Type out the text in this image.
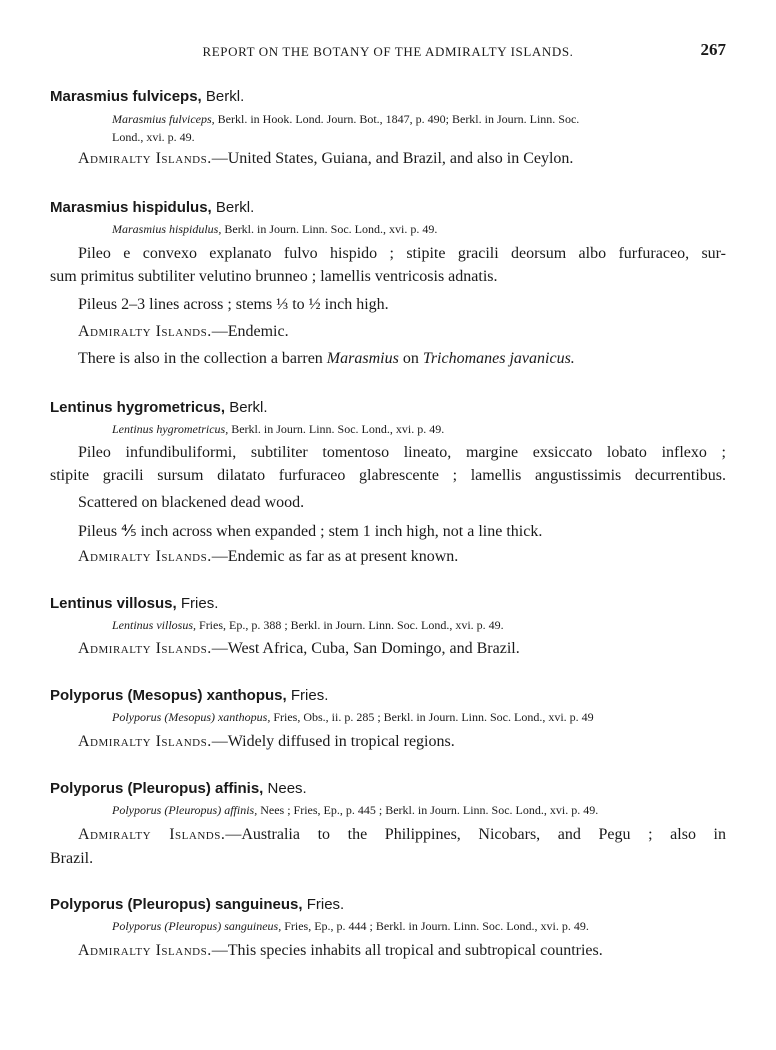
REPORT ON THE BOTANY OF THE ADMIRALTY ISLANDS.	267
Marasmius fulviceps, Berkl.
Marasmius fulviceps, Berkl. in Hook. Lond. Journ. Bot., 1847, p. 490; Berkl. in Journ. Linn. Soc.
Lond., xvi. p. 49.
Admiralty Islands.—United States, Guiana, and Brazil, and also in Ceylon.
Marasmius hispidulus, Berkl.
Marasmius hispidulus, Berkl. in Journ. Linn. Soc. Lond., xvi. p. 49.
Pileo e convexo explanato fulvo hispido ; stipite gracili deorsum albo furfuraceo, sur-
sum primitus subtiliter velutino brunneo ; lamellis ventricosis adnatis.
Pileus 2–3 lines across ; stems ⅓ to ½ inch high.
Admiralty Islands.—Endemic.
There is also in the collection a barren Marasmius on Trichomanes javanicus.
Lentinus hygrometricus, Berkl.
Lentinus hygrometricus, Berkl. in Journ. Linn. Soc. Lond., xvi. p. 49.
Pileo infundibuliformi, subtiliter tomentoso lineato, margine exsiccato lobato inflexo ;
stipite gracili sursum dilatato furfuraceo glabrescente ; lamellis angustissimis decurrentibus.
Scattered on blackened dead wood.
Pileus ⅘ inch across when expanded ; stem 1 inch high, not a line thick.
Admiralty Islands.—Endemic as far as at present known.
Lentinus villosus, Fries.
Lentinus villosus, Fries, Ep., p. 388 ; Berkl. in Journ. Linn. Soc. Lond., xvi. p. 49.
Admiralty Islands.—West Africa, Cuba, San Domingo, and Brazil.
Polyporus (Mesopus) xanthopus, Fries.
Polyporus (Mesopus) xanthopus, Fries, Obs., ii. p. 285 ; Berkl. in Journ. Linn. Soc. Lond., xvi. p. 49
Admiralty Islands.—Widely diffused in tropical regions.
Polyporus (Pleuropus) affinis, Nees.
Polyporus (Pleuropus) affinis, Nees ; Fries, Ep., p. 445 ; Berkl. in Journ. Linn. Soc. Lond., xvi. p. 49.
Admiralty Islands.—Australia to the Philippines, Nicobars, and Pegu ; also in
Brazil.
Polyporus (Pleuropus) sanguineus, Fries.
Polyporus (Pleuropus) sanguineus, Fries, Ep., p. 444 ; Berkl. in Journ. Linn. Soc. Lond., xvi. p. 49.
Admiralty Islands.—This species inhabits all tropical and subtropical countries.
